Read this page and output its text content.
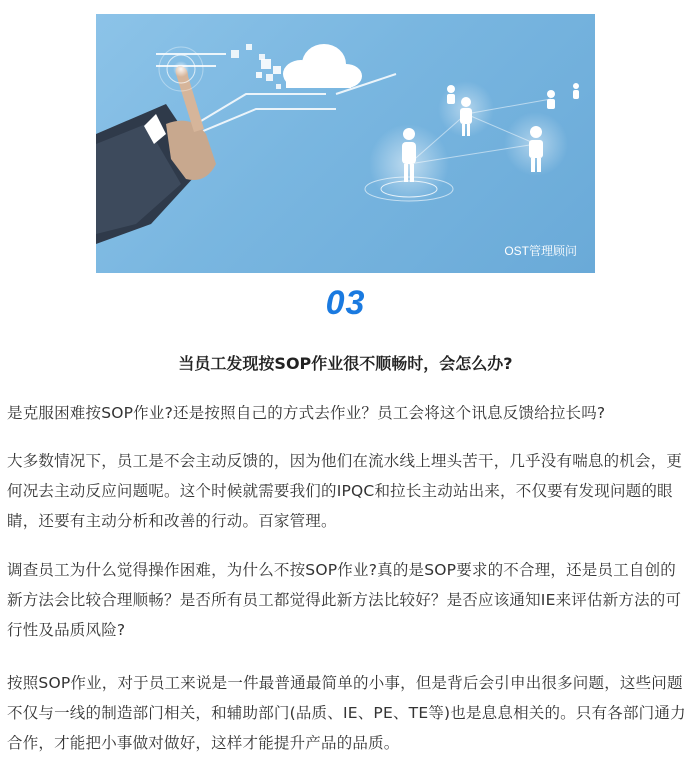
OST管理顾问
03
当员工发现按SOP作业很不顺畅时，会怎么办?

是克服困难按SOP作业?还是按照自己的方式去作业？员工会将这个讯息反馈给拉长吗?

大多数情况下，员工是不会主动反馈的，因为他们在流水线上埋头苦干，几乎没有喘息的机会，更何况去主动反应问题呢。这个时候就需要我们的IPQC和拉长主动站出来，不仅要有发现问题的眼睛，还要有主动分析和改善的行动。百家管理。

调查员工为什么觉得操作困难，为什么不按SOP作业?真的是SOP要求的不合理，还是员工自创的新方法会比较合理顺畅？是否所有员工都觉得此新方法比较好？是否应该通知IE来评估新方法的可行性及品质风险?

按照SOP作业，对于员工来说是一件最普通最简单的小事，但是背后会引申出很多问题，这些问题不仅与一线的制造部门相关，和辅助部门(品质、IE、PE、TE等)也是息息相关的。只有各部门通力合作，才能把小事做对做好，这样才能提升产品的品质。
